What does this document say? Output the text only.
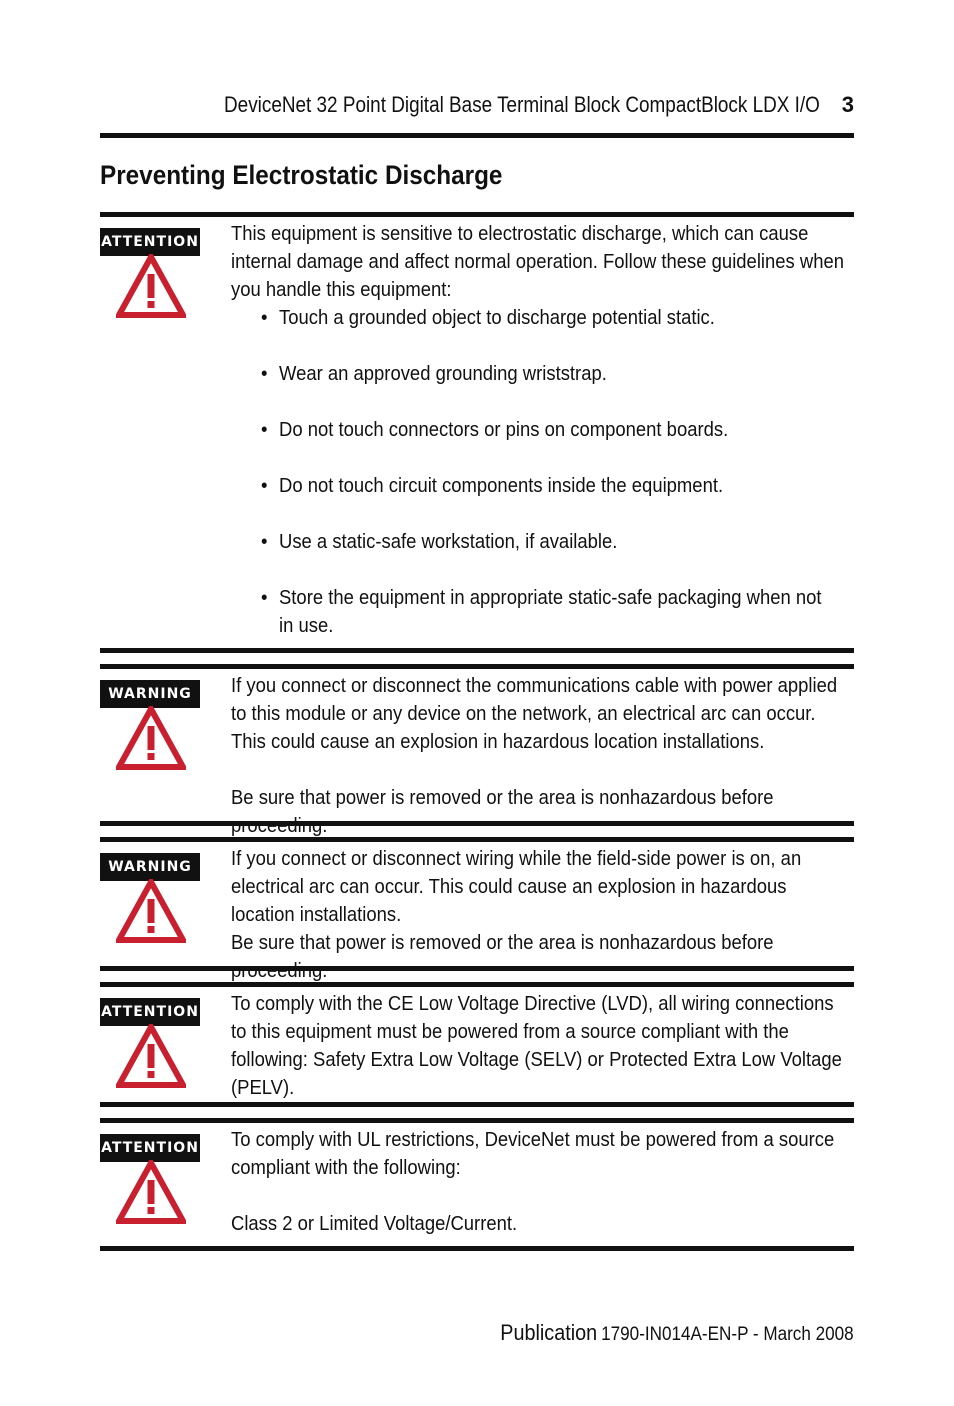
DeviceNet 32 Point Digital Base Terminal Block CompactBlock LDX I/O 3
Preventing Electrostatic Discharge
ATTENTION This equipment is sensitive to electrostatic discharge, which can cause internal damage and affect normal operation. Follow these guidelines when you handle this equipment:

• Touch a grounded object to discharge potential static.
• Wear an approved grounding wriststrap.
• Do not touch connectors or pins on component boards.
• Do not touch circuit components inside the equipment.
• Use a static-safe workstation, if available.
• Store the equipment in appropriate static-safe packaging when not in use.
WARNING	If you connect or disconnect the communications cable with power applied to this module or any device on the network, an electrical arc can occur. This could cause an explosion in hazardous location installations.

Be sure that power is removed or the area is nonhazardous before

WARNING	If you connect or disconnect wiring while the field-side power is on, an electrical arc can occur. This could cause an explosion in hazardous location installations.

Be sure that power is removed or the area is nonhazardous before

ATTENTION To comply with the CE Low Voltage Directive (LVD), all wiring connections to this equipment must be powered from a source compliant with the following: Safety Extra Low Voltage (SELV) or Protected Extra Low Voltage (PELV).

ATTENTION To comply with UL restrictions, DeviceNet must be powered from a source compliant with the following:

Class 2 or Limited Voltage/Current.

Publication 1790-IN014A-EN-P - March 2008
